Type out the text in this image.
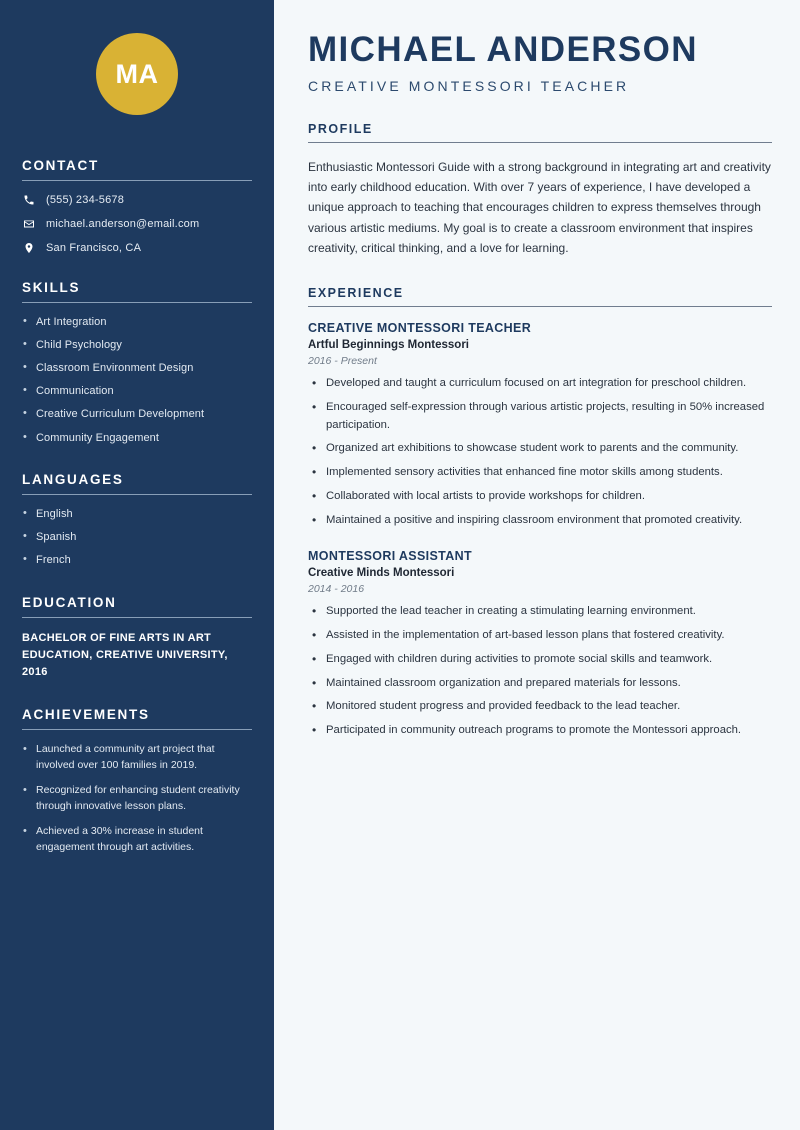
MA
CONTACT
(555) 234-5678
michael.anderson@email.com
San Francisco, CA
SKILLS
• Art Integration
• Child Psychology
• Classroom Environment Design
• Communication
• Creative Curriculum Development
• Community Engagement
LANGUAGES
• English
• Spanish
• French
EDUCATION
BACHELOR OF FINE ARTS IN ART EDUCATION, CREATIVE UNIVERSITY, 2016
ACHIEVEMENTS
• Launched a community art project that involved over 100 families in 2019.
• Recognized for enhancing student creativity through innovative lesson plans.
• Achieved a 30% increase in student engagement through art activities.
MICHAEL ANDERSON
CREATIVE MONTESSORI TEACHER
PROFILE

Enthusiastic Montessori Guide with a strong background in integrating art and creativity into early childhood education. With over 7 years of experience, I have developed a unique approach to teaching that encourages children to express themselves through various artistic mediums. My goal is to create a classroom environment that inspires creativity, critical thinking, and a love for learning.

EXPERIENCE
CREATIVE MONTESSORI TEACHER
Artful Beginnings Montessori
2016 - Present
• Developed and taught a curriculum focused on art integration for preschool children.
• Encouraged self-expression through various artistic projects, resulting in 50% increased participation.
• Organized art exhibitions to showcase student work to parents and the community.
• Implemented sensory activities that enhanced fine motor skills among students.
• Collaborated with local artists to provide workshops for children.
• Maintained a positive and inspiring classroom environment that promoted creativity.
MONTESSORI ASSISTANT
Creative Minds Montessori
2014 - 2016
• Supported the lead teacher in creating a stimulating learning environment.
• Assisted in the implementation of art-based lesson plans that fostered creativity.
• Engaged with children during activities to promote social skills and teamwork.
• Maintained classroom organization and prepared materials for lessons.
• Monitored student progress and provided feedback to the lead teacher.
• Participated in community outreach programs to promote the Montessori approach.
